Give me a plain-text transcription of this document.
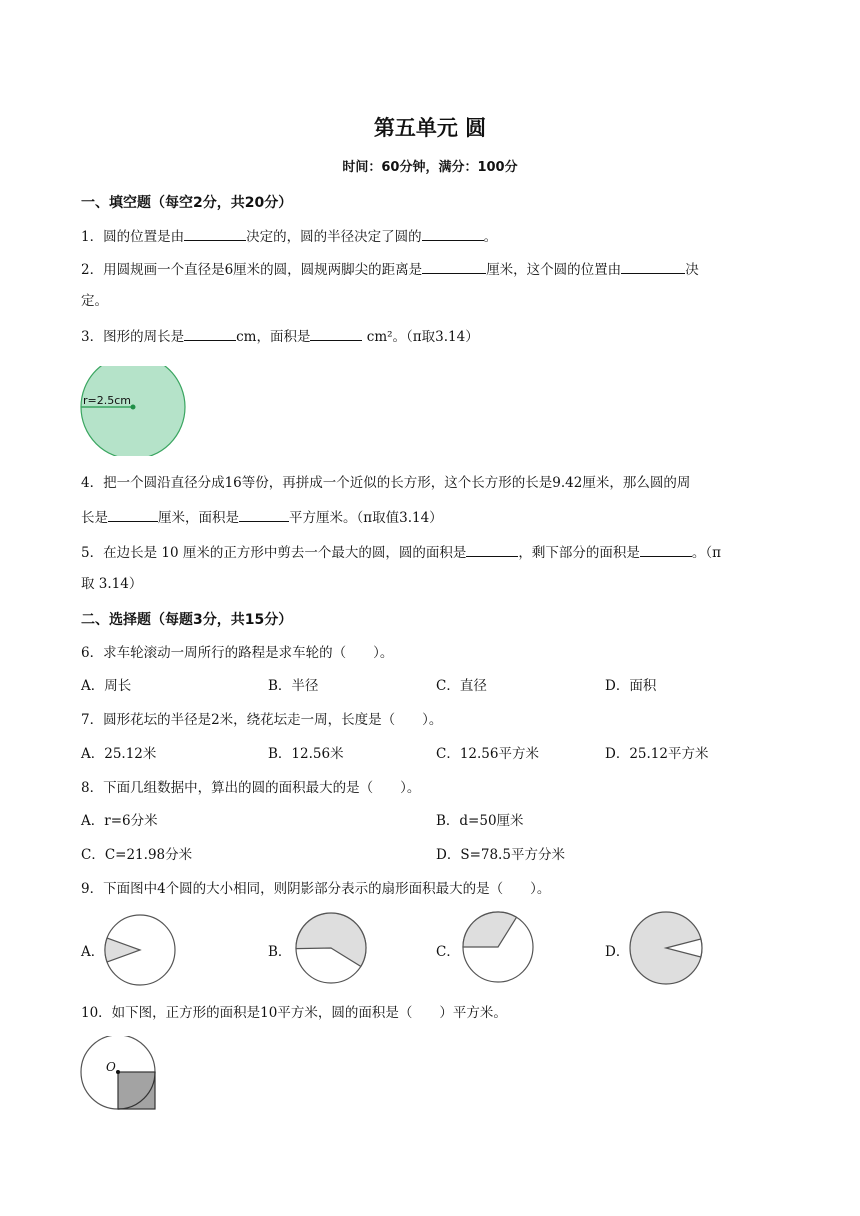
第五单元 圆
时间：60分钟，满分：100分
一、填空题（每空2分，共20分）
1．圆的位置是由	决定的，圆的半径决定了圆的	。
2．用圆规画一个直径是6厘米的圆，圆规两脚尖的距离是	厘米，这个圆的位置由	决
定。
3．图形的周长是	cm，面积是	cm²。（π取3.14）
r=2.5cm
4．把一个圆沿直径分成16等份，再拼成一个近似的长方形，这个长方形的长是9.42厘米，那么圆的周
长是	厘米，面积是	平方厘米。（π取值3.14）
5．在边长是 10 厘米的正方形中剪去一个最大的圆，圆的面积是	，剩下部分的面积是	。（π
取 3.14）
二、选择题（每题3分，共15分）
6．求车轮滚动一周所行的路程是求车轮的（　　）。
A．周长	B．半径	C．直径	D．面积
7．圆形花坛的半径是2米，绕花坛走一周，长度是（　　）。
A．25.12米	B．12.56米	C．12.56平方米	D．25.12平方米
8．下面几组数据中，算出的圆的面积最大的是（　　）。
A．r=6分米	B．d=50厘米
C．C=21.98分米	D．S=78.5平方分米
9．下面图中4个圆的大小相同，则阴影部分表示的扇形面积最大的是（　　）。
A．	B．	C．	D．
10．如下图，正方形的面积是10平方米，圆的面积是（　　）平方米。
O
